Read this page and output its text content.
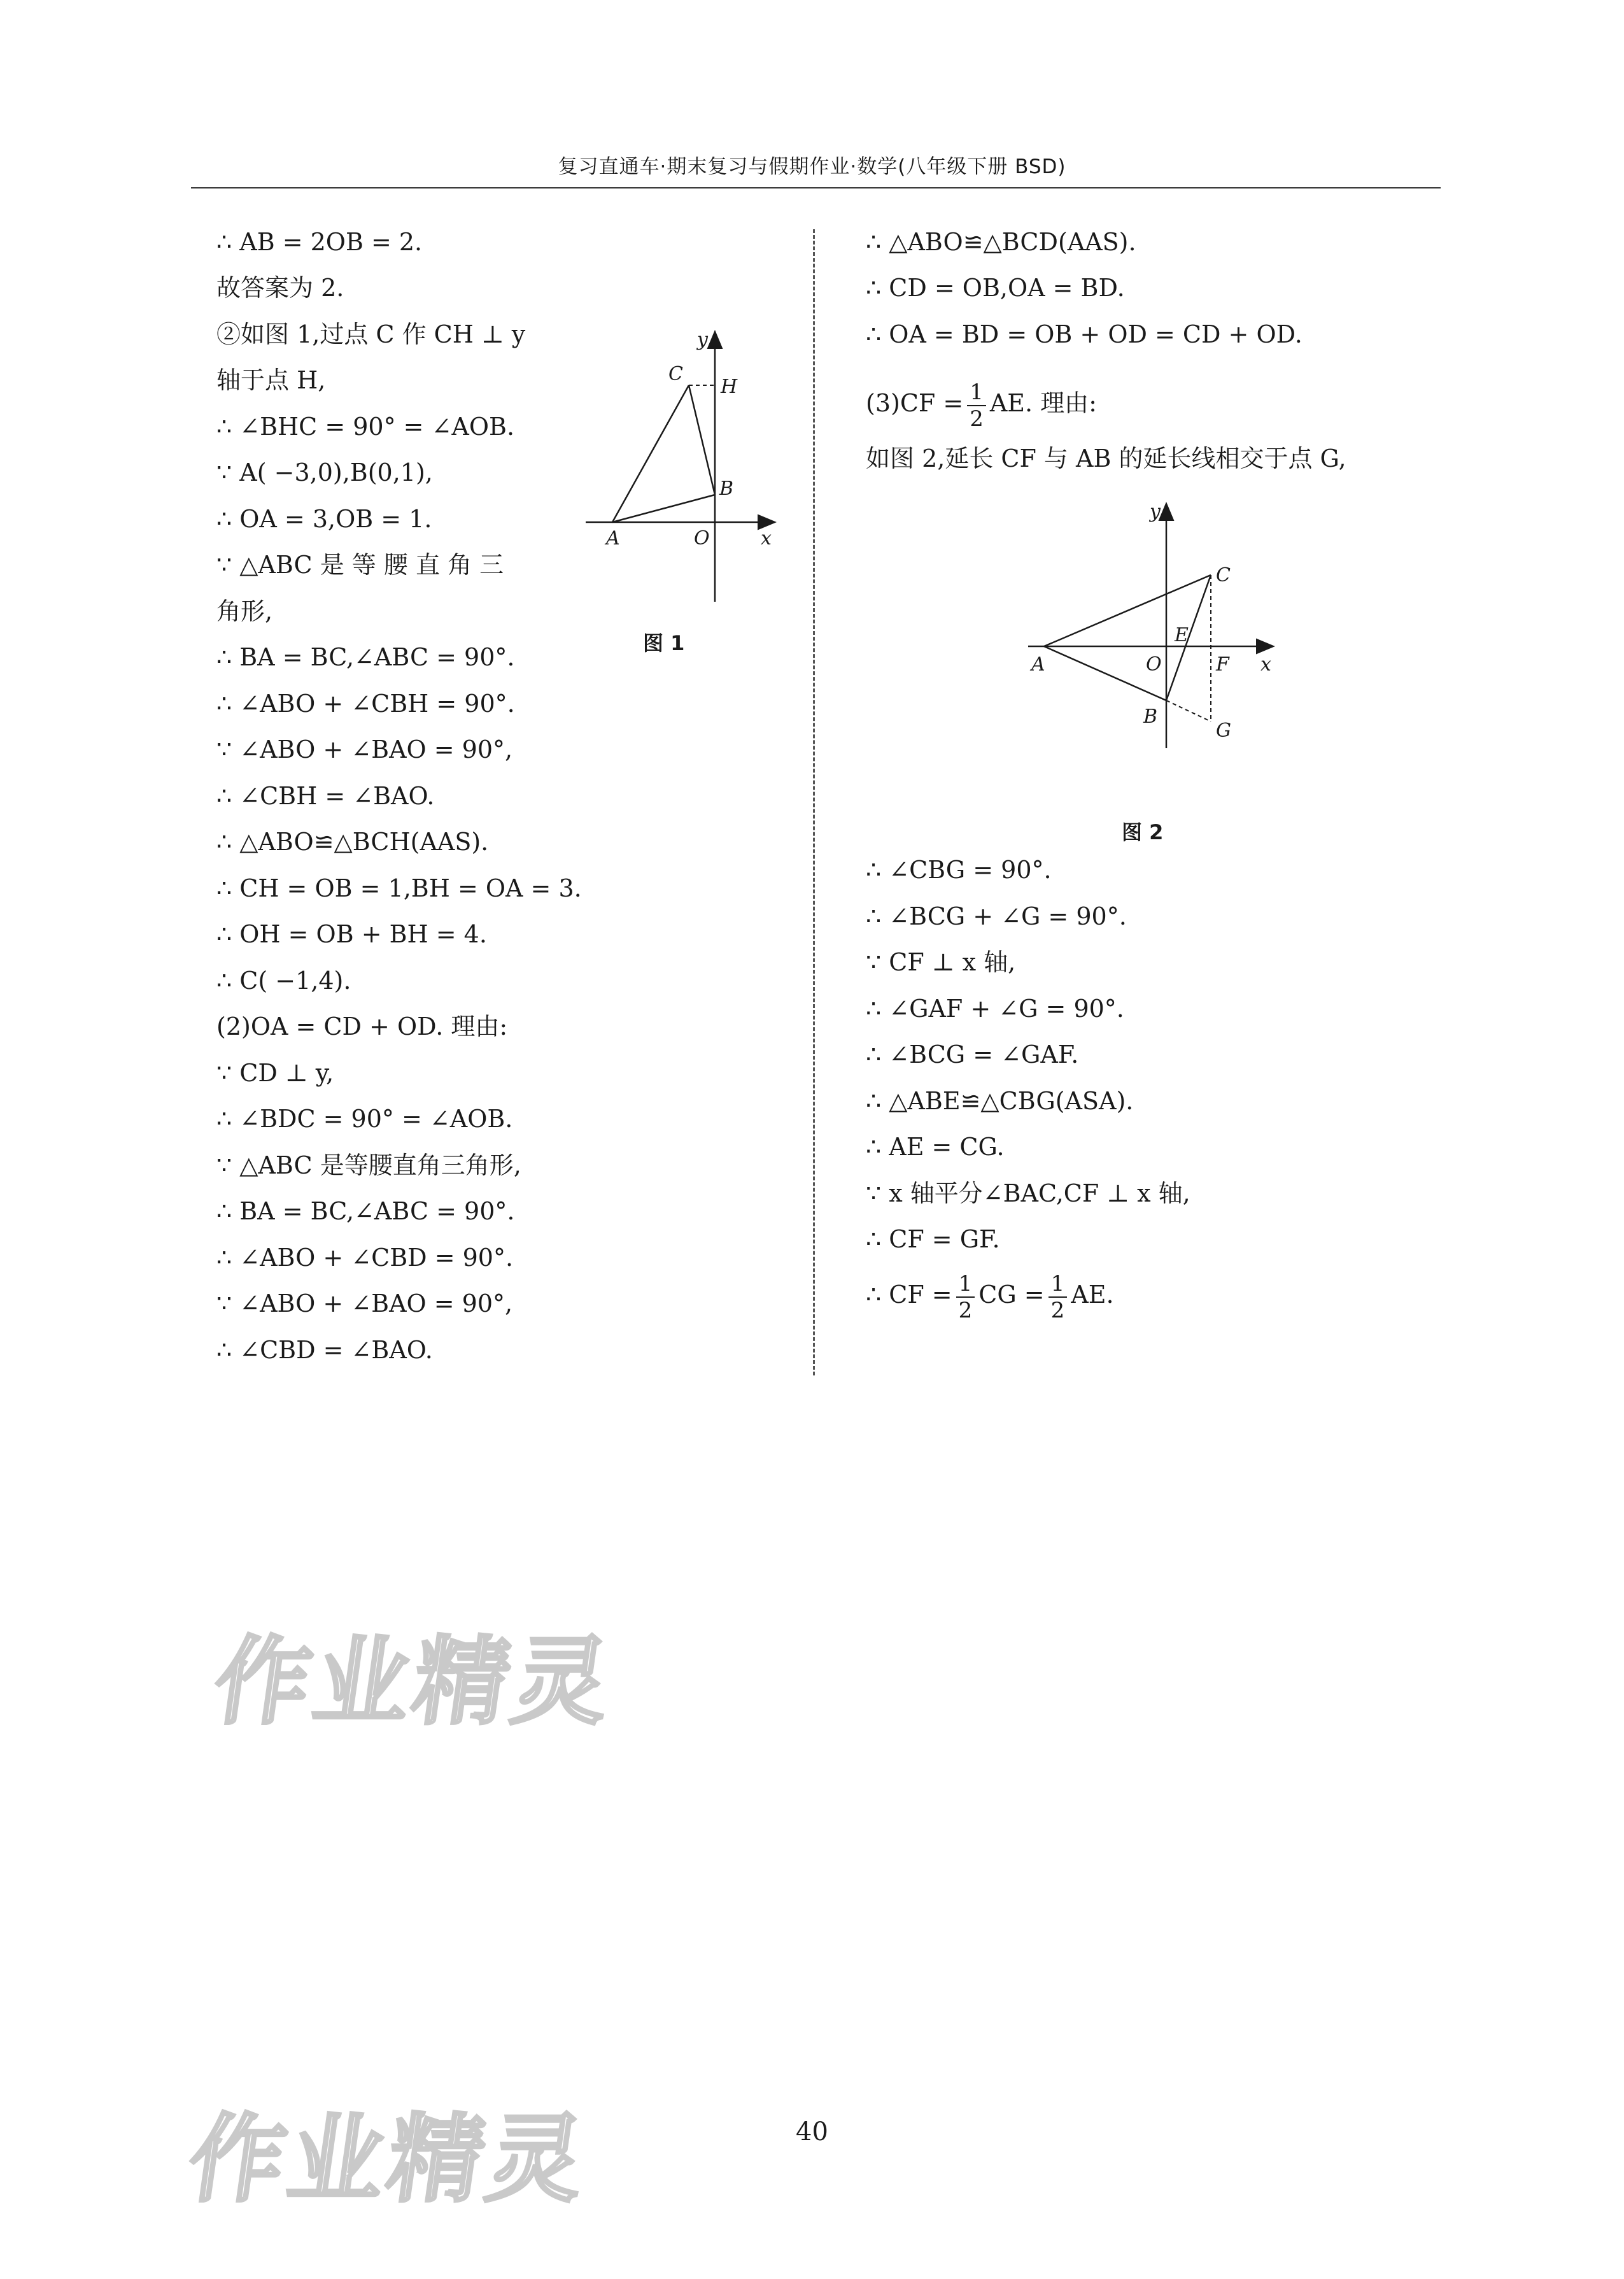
复习直通车·期末复习与假期作业·数学(八年级下册 BSD)
∴ AB = 2OB = 2.
故答案为 2.
②如图 1,过点 C 作 CH ⊥ y
轴于点 H,
∴ ∠BHC = 90° = ∠AOB.
∵ A( −3,0),B(0,1),
∴ OA = 3,OB = 1.
∵ △ABC 是 等 腰 直 角 三
角形,
∴ BA = BC,∠ABC = 90°.
∴ ∠ABO + ∠CBH = 90°.
∵ ∠ABO + ∠BAO = 90°,
∴ ∠CBH = ∠BAO.
∴ △ABO≌△BCH(AAS).
∴ CH = OB = 1,BH = OA = 3.
∴ OH = OB + BH = 4.
∴ C( −1,4).
(2)OA = CD + OD. 理由:
∵ CD ⊥ y,
∴ ∠BDC = 90° = ∠AOB.
∵ △ABC 是等腰直角三角形,
∴ BA = BC,∠ABC = 90°.
∴ ∠ABO + ∠CBD = 90°.
∵ ∠ABO + ∠BAO = 90°,
∴ ∠CBD = ∠BAO.
y
C
H
B
A	O	x
图 1
∴ △ABO≌△BCD(AAS).
∴ CD = OB,OA = BD.
∴ OA = BD = OB + OD = CD + OD.
$(3)CF = \frac{1}{2}$ AE. 理由:
如图 2,延长 CF 与 AB 的延长线相交于点 G,
y
C
E
A	O	F x
B
G
图 2
∴ ∠CBG = 90°.
∴ ∠BCG + ∠G = 90°.
∵ CF ⊥ x 轴,
∴ ∠GAF + ∠G = 90°.
∴ ∠BCG = ∠GAF.
∴ △ABE≌△CBG(ASA).
∴ AE = CG.
∵ x 轴平分∠BAC,CF ⊥ x 轴,
∴ CF = GF.
∴ CF = $\frac{1}{2}$ CG = $\frac{1}{2}$ AE.
作业精灵
作业精灵	40
